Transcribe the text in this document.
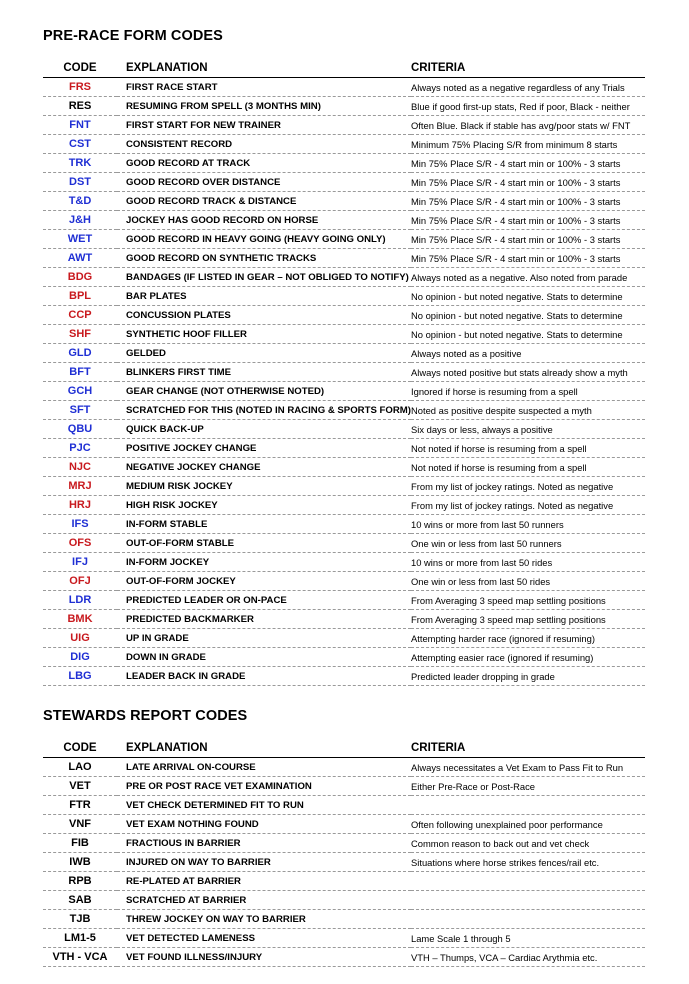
PRE-RACE FORM CODES
CODE	EXPLANATION	CRITERIA
FRS	FIRST RACE START	Always noted as a negative regardless of any Trials
RES	RESUMING FROM SPELL (3 MONTHS MIN)	Blue if good first-up stats, Red if poor, Black - neither
FNT	FIRST START FOR NEW TRAINER	Often Blue. Black if stable has avg/poor stats w/ FNT
CST	CONSISTENT RECORD	Minimum 75% Placing S/R from minimum 8 starts
TRK	GOOD RECORD AT TRACK	Min 75% Place S/R - 4 start min or 100% - 3 starts
DST	GOOD RECORD OVER DISTANCE	Min 75% Place S/R - 4 start min or 100% - 3 starts
T&D	GOOD RECORD TRACK & DISTANCE	Min 75% Place S/R - 4 start min or 100% - 3 starts
J&H	JOCKEY HAS GOOD RECORD ON HORSE	Min 75% Place S/R - 4 start min or 100% - 3 starts
WET	GOOD RECORD IN HEAVY GOING (HEAVY GOING ONLY)	Min 75% Place S/R - 4 start min or 100% - 3 starts
AWT	GOOD RECORD ON SYNTHETIC TRACKS	Min 75% Place S/R - 4 start min or 100% - 3 starts
BDG	BANDAGES (IF LISTED IN GEAR – NOT OBLIGED TO NOTIFY)	Always noted as a negative. Also noted from parade
BPL	BAR PLATES	No opinion - but noted negative. Stats to determine
CCP	CONCUSSION PLATES	No opinion - but noted negative. Stats to determine
SHF	SYNTHETIC HOOF FILLER	No opinion - but noted negative. Stats to determine
GLD	GELDED	Always noted as a positive
BFT	BLINKERS FIRST TIME	Always noted positive but stats already show a myth
GCH	GEAR CHANGE (NOT OTHERWISE NOTED)	Ignored if horse is resuming from a spell
SFT	SCRATCHED FOR THIS (NOTED IN RACING & SPORTS FORM)	Noted as positive despite suspected a myth
QBU	QUICK BACK-UP	Six days or less, always a positive
PJC	POSITIVE JOCKEY CHANGE	Not noted if horse is resuming from a spell
NJC	NEGATIVE JOCKEY CHANGE	Not noted if horse is resuming from a spell
MRJ	MEDIUM RISK JOCKEY	From my list of jockey ratings. Noted as negative
HRJ	HIGH RISK JOCKEY	From my list of jockey ratings. Noted as negative
IFS	IN-FORM STABLE	10 wins or more from last 50 runners
OFS	OUT-OF-FORM STABLE	One win or less from last 50 runners
IFJ	IN-FORM JOCKEY	10 wins or more from last 50 rides
OFJ	OUT-OF-FORM JOCKEY	One win or less from last 50 rides
LDR	PREDICTED LEADER OR ON-PACE	From Averaging 3 speed map settling positions
BMK	PREDICTED BACKMARKER	From Averaging 3 speed map settling positions
UIG	UP IN GRADE	Attempting harder race (ignored if resuming)
DIG	DOWN IN GRADE	Attempting easier race (ignored if resuming)
LBG	LEADER BACK IN GRADE	Predicted leader dropping in grade
STEWARDS REPORT CODES
CODE	EXPLANATION	CRITERIA
LAO	LATE ARRIVAL ON-COURSE	Always necessitates a Vet Exam to Pass Fit to Run
VET	PRE OR POST RACE VET EXAMINATION	Either Pre-Race or Post-Race
FTR	VET CHECK DETERMINED FIT TO RUN	
VNF	VET EXAM NOTHING FOUND	Often following unexplained poor performance
FIB	FRACTIOUS IN BARRIER	Common reason to back out and vet check
IWB	INJURED ON WAY TO BARRIER	Situations where horse strikes fences/rail etc.
RPB	RE-PLATED AT BARRIER	
SAB	SCRATCHED AT BARRIER	
TJB	THREW JOCKEY ON WAY TO BARRIER	
LM1-5	VET DETECTED LAMENESS	Lame Scale 1 through 5
VTH - VCA	VET FOUND ILLNESS/INJURY	VTH – Thumps, VCA – Cardiac Arythmia etc.
